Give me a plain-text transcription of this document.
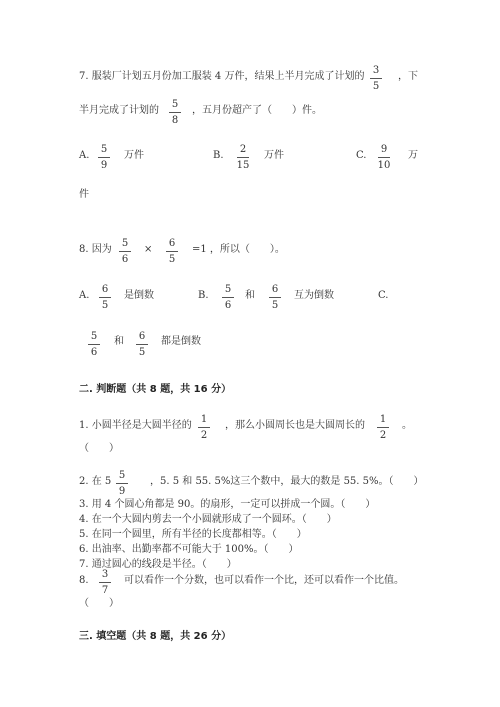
7. 服装厂计划五月份加工服装 4 万件，结果上半月完成了计划的
3
5
，下
半月完成了计划的
5
8
，五月份超产了（　　）件。
A.
5
9
万件	B.
2
15
万件	C.
9
10
万
件
8. 因为
5
6
×
6
5
=1 ，所以（　　）。
A.
6
5
是倒数	B.
5
6
和
6
5
互为倒数	C.
5
6
和	6
5
都是倒数
二. 判断题（共 8 题，共 16 分）
1. 小圆半径是大圆半径的
1
2
，那么小圆周长也是大圆周长的
1
2
。
（　　）
2. 在 5
5
9
，5. 5 和 55. 5%这三个数中，最大的数是 55. 5%。（　　）
3. 用 4 个圆心角都是 90。的扇形，一定可以拼成一个圆。（　　）
4. 在一个大圆内剪去一个小圆就形成了一个圆环。（　　）
5. 在同一个圆里，所有半径的长度都相等。（　　）
6. 出油率、出勤率都不可能大于 100%。（　　）
7. 通过圆心的线段是半径。（　　）
8.
3
7
可以看作一个分数，也可以看作一个比，还可以看作一个比值。
（　　）
三. 填空题（共 8 题，共 26 分）
